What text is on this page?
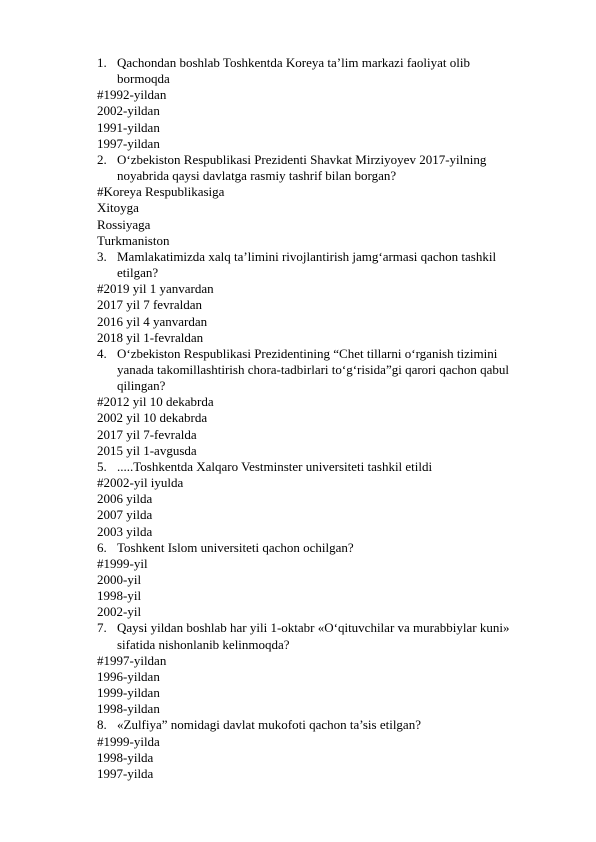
1. Qachondan boshlab Toshkentda Koreya ta’lim markazi faoliyat olib
bormoqda
#1992-yildan
2002-yildan
1991-yildan
1997-yildan
2. O‘zbekiston Respublikasi Prezidenti Shavkat Mirziyoyev 2017-yilning
noyabrida qaysi davlatga rasmiy tashrif bilan borgan?
#Koreya Respublikasiga
Xitoyga
Rossiyaga
Turkmaniston
3. Mamlakatimizda xalq ta’limini rivojlantirish jamg‘armasi qachon tashkil
etilgan?
#2019 yil 1 yanvardan
2017 yil 7 fevraldan
2016 yil 4 yanvardan
2018 yil 1-fevraldan
4. O‘zbekiston Respublikasi Prezidentining “Chet tillarni o‘rganish tizimini
yanada takomillashtirish chora-tadbirlari to‘g‘risida”gi qarori qachon qabul
qilingan?
#2012 yil 10 dekabrda
2002 yil 10 dekabrda
2017 yil 7-fevralda
2015 yil 1-avgusda
5. .....Toshkentda Xalqaro Vestminster universiteti tashkil etildi
#2002-yil iyulda
2006 yilda
2007 yilda
2003 yilda
6. Toshkent Islom universiteti qachon ochilgan?
#1999-yil
2000-yil
1998-yil
2002-yil
7. Qaysi yildan boshlab har yili 1-oktabr «O‘qituvchilar va murabbiylar kuni»
sifatida nishonlanib kelinmoqda?
#1997-yildan
1996-yildan
1999-yildan
1998-yildan
8. «Zulfiya” nomidagi davlat mukofoti qachon ta’sis etilgan?
#1999-yilda
1998-yilda
1997-yilda
